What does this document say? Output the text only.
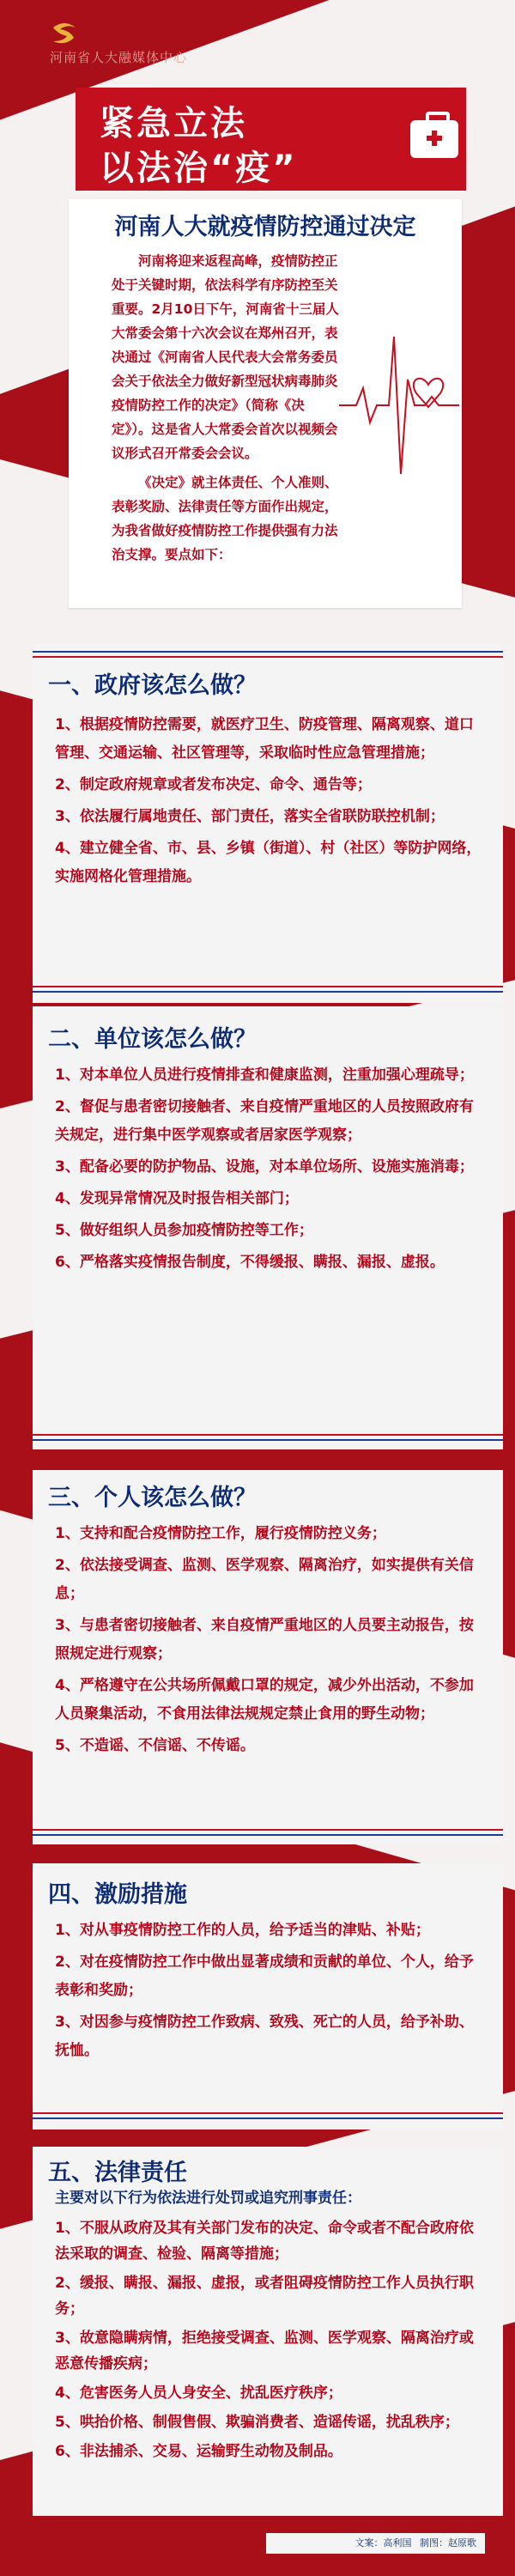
河南省人大融媒体中心
紧急立法
以法治“疫”
河南人大就疫情防控通过决定

河南将迎来返程高峰，疫情防控正处于关键时期，依法科学有序防控至关重要。2月10日下午，河南省十三届人大常委会第十六次会议在郑州召开，表决通过《河南省人民代表大会常务委员会关于依法全力做好新型冠状病毒肺炎疫情防控工作的决定》（简称《决定》）。这是省人大常委会首次以视频会议形式召开常委会会议。

《决定》就主体责任、个人准则、表彰奖励、法律责任等方面作出规定，为我省做好疫情防控工作提供强有力法治支撑。要点如下：

一、政府该怎么做？

1、根据疫情防控需要，就医疗卫生、防疫管理、隔离观察、道口管理、交通运输、社区管理等，采取临时性应急管理措施；

2、制定政府规章或者发布决定、命令、通告等；

3、依法履行属地责任、部门责任，落实全省联防联控机制；

4、建立健全省、市、县、乡镇（街道）、村（社区）等防护网络，实施网格化管理措施。

二、单位该怎么做？

1、对本单位人员进行疫情排查和健康监测，注重加强心理疏导；

2、督促与患者密切接触者、来自疫情严重地区的人员按照政府有关规定，进行集中医学观察或者居家医学观察；

3、配备必要的防护物品、设施，对本单位场所、设施实施消毒；

4、发现异常情况及时报告相关部门；

5、做好组织人员参加疫情防控等工作；

6、严格落实疫情报告制度，不得缓报、瞒报、漏报、虚报。

三、个人该怎么做？

1、支持和配合疫情防控工作，履行疫情防控义务；

2、依法接受调查、监测、医学观察、隔离治疗，如实提供有关信息；

3、与患者密切接触者、来自疫情严重地区的人员要主动报告，按照规定进行观察；

4、严格遵守在公共场所佩戴口罩的规定，减少外出活动，不参加人员聚集活动，不食用法律法规规定禁止食用的野生动物；

5、不造谣、不信谣、不传谣。

四、激励措施

1、对从事疫情防控工作的人员，给予适当的津贴、补贴；

2、对在疫情防控工作中做出显著成绩和贡献的单位、个人，给予表彰和奖励；

3、对因参与疫情防控工作致病、致残、死亡的人员，给予补助、抚恤。

五、法律责任
主要对以下行为依法进行处罚或追究刑事责任：

1、不服从政府及其有关部门发布的决定、命令或者不配合政府依法采取的调查、检验、隔离等措施；

2、缓报、瞒报、漏报、虚报，或者阻碍疫情防控工作人员执行职务；

3、故意隐瞒病情，拒绝接受调查、监测、医学观察、隔离治疗或恶意传播疾病；

4、危害医务人员人身安全、扰乱医疗秩序；

5、哄抬价格、制假售假、欺骗消费者、造谣传谣，扰乱秩序；

6、非法捕杀、交易、运输野生动物及制品。

文案：高利国 制图：赵原歌
